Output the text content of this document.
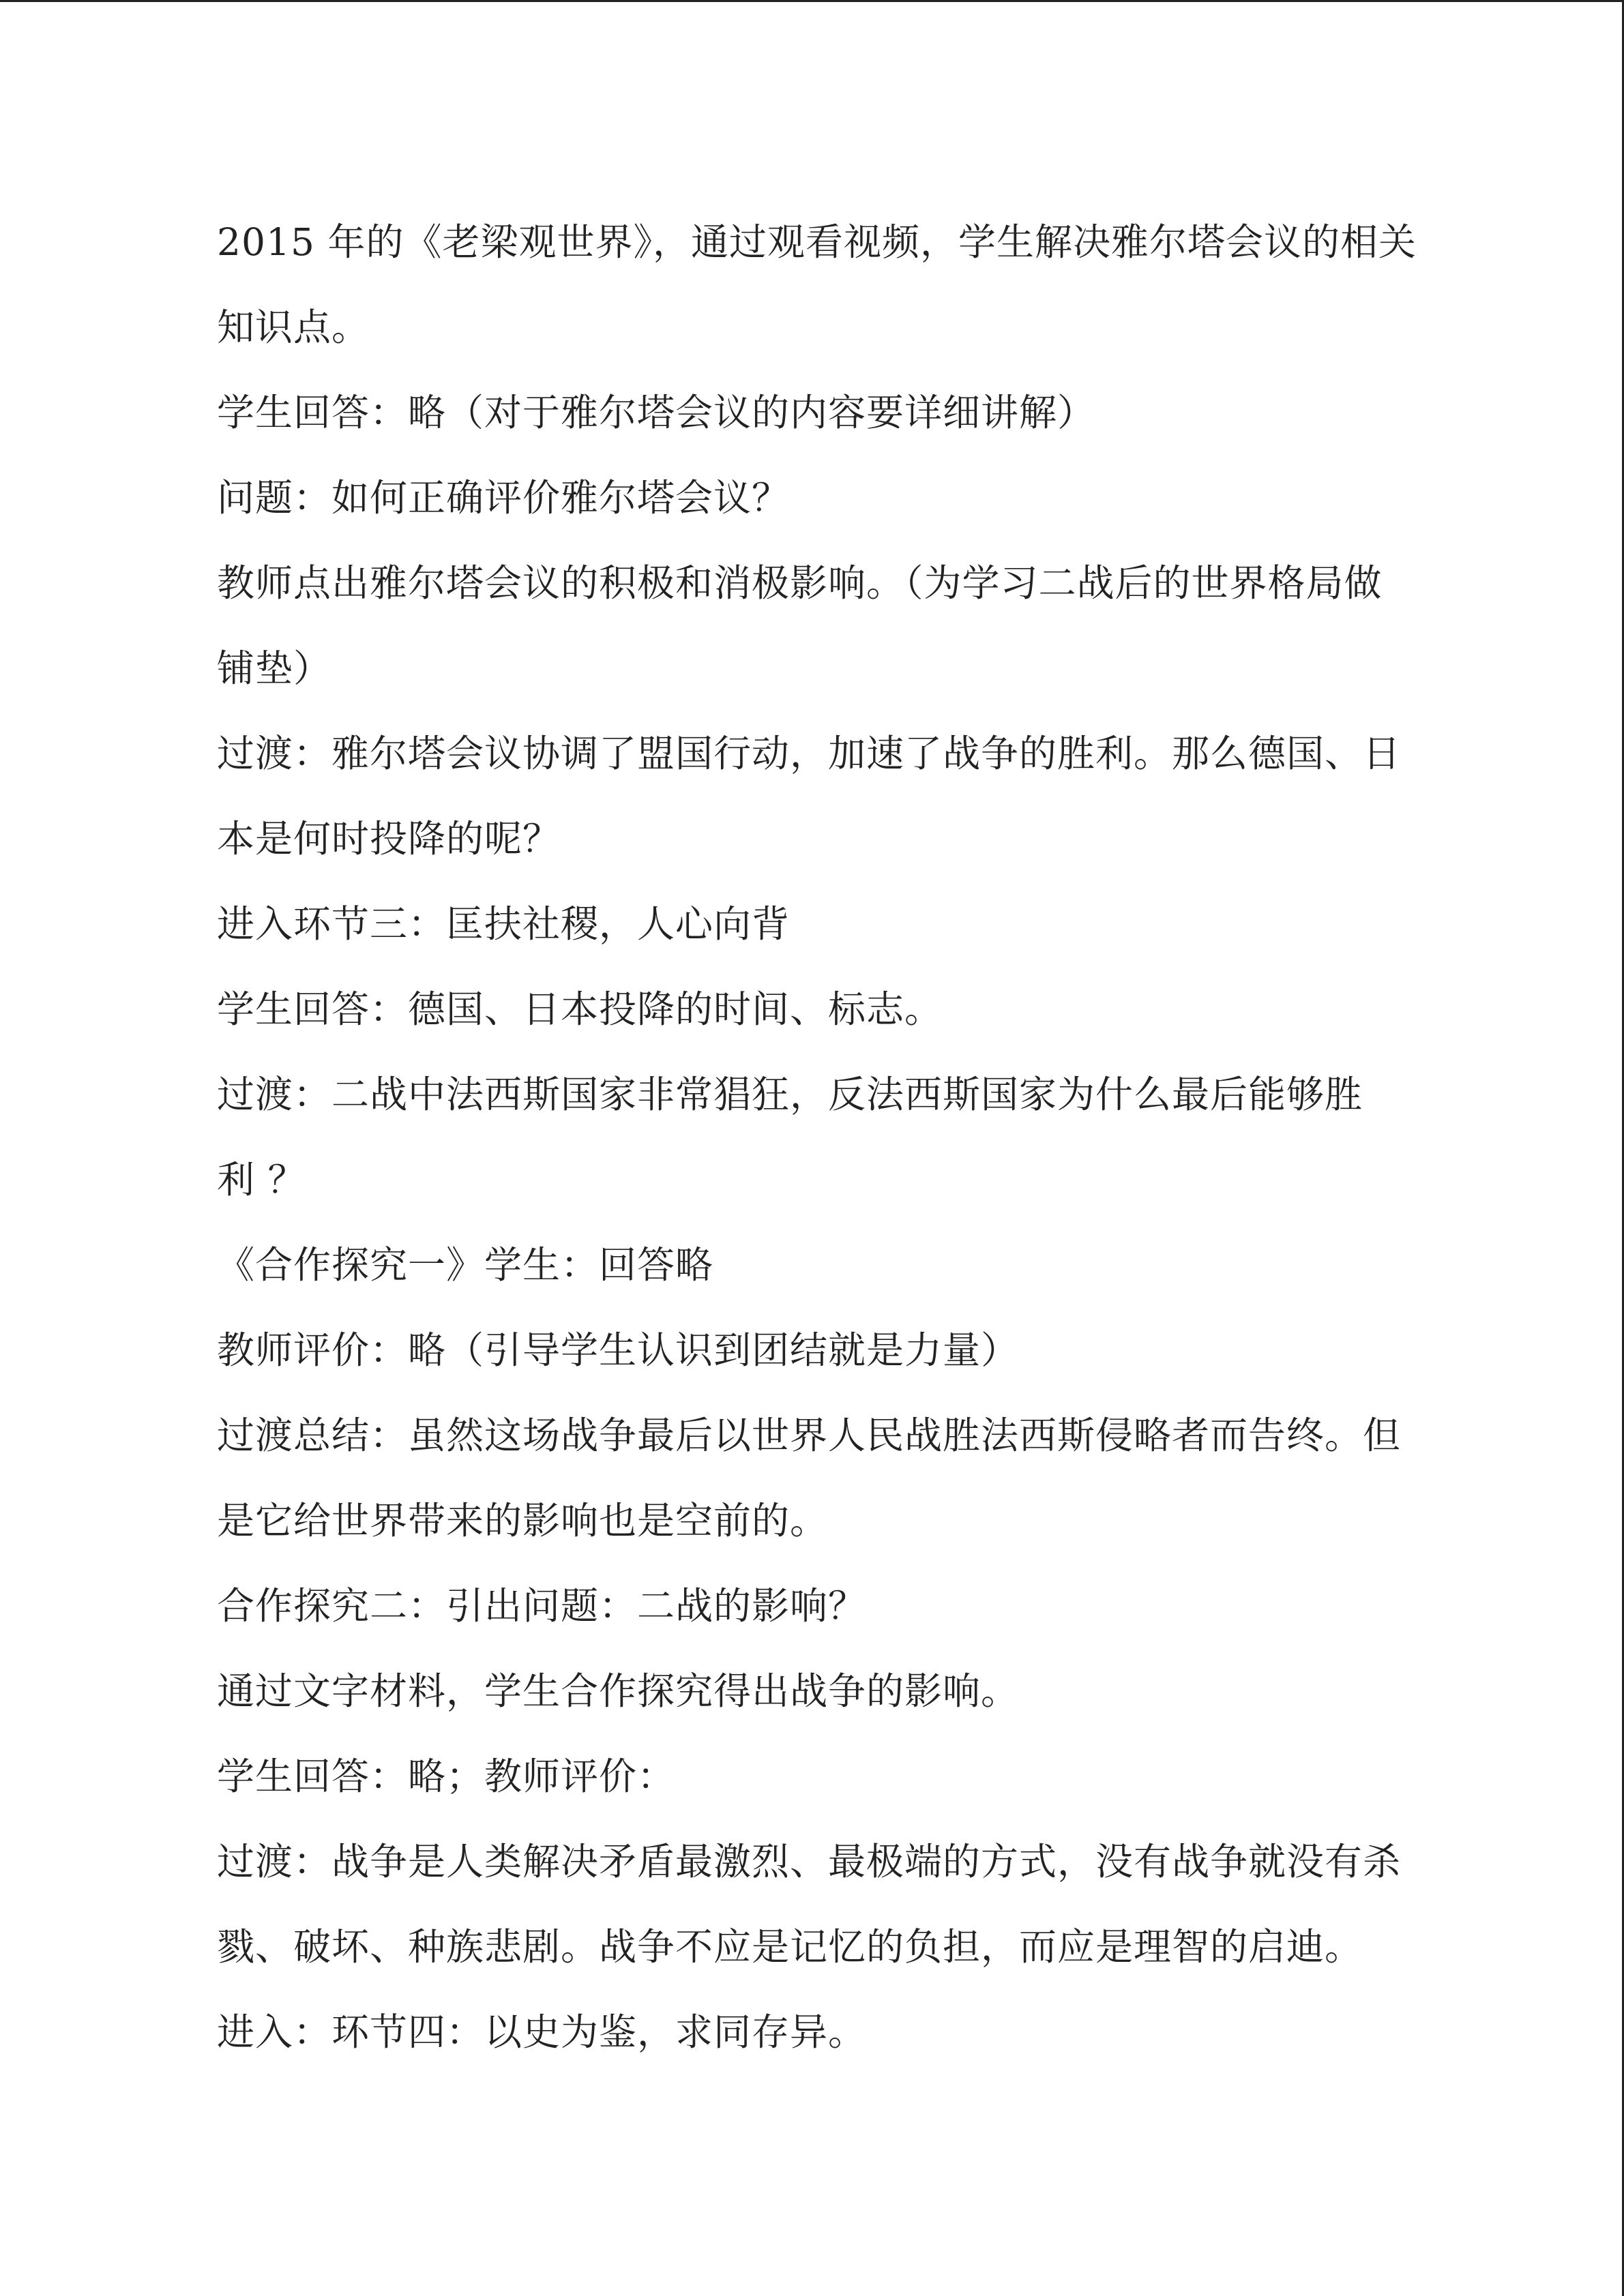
2015 年的《老梁观世界》，通过观看视频，学生解决雅尔塔会议的相关
知识点。
学生回答：略（对于雅尔塔会议的内容要详细讲解）
问题：如何正确评价雅尔塔会议？
教师点出雅尔塔会议的积极和消极影响。（为学习二战后的世界格局做
铺垫）
过渡：雅尔塔会议协调了盟国行动，加速了战争的胜利。那么德国、日
本是何时投降的呢？
进入环节三：匡扶社稷，人心向背
学生回答：德国、日本投降的时间、标志。
过渡：二战中法西斯国家非常猖狂，反法西斯国家为什么最后能够胜
利 ？
《合作探究一》学生：回答略
教师评价：略（引导学生认识到团结就是力量）
过渡总结：虽然这场战争最后以世界人民战胜法西斯侵略者而告终。但
是它给世界带来的影响也是空前的。
合作探究二：引出问题：二战的影响？
通过文字材料，学生合作探究得出战争的影响。
学生回答：略；教师评价：
过渡：战争是人类解决矛盾最激烈、最极端的方式，没有战争就没有杀
戮、破坏、种族悲剧。战争不应是记忆的负担，而应是理智的启迪。
进入：环节四：以史为鉴，求同存异。
